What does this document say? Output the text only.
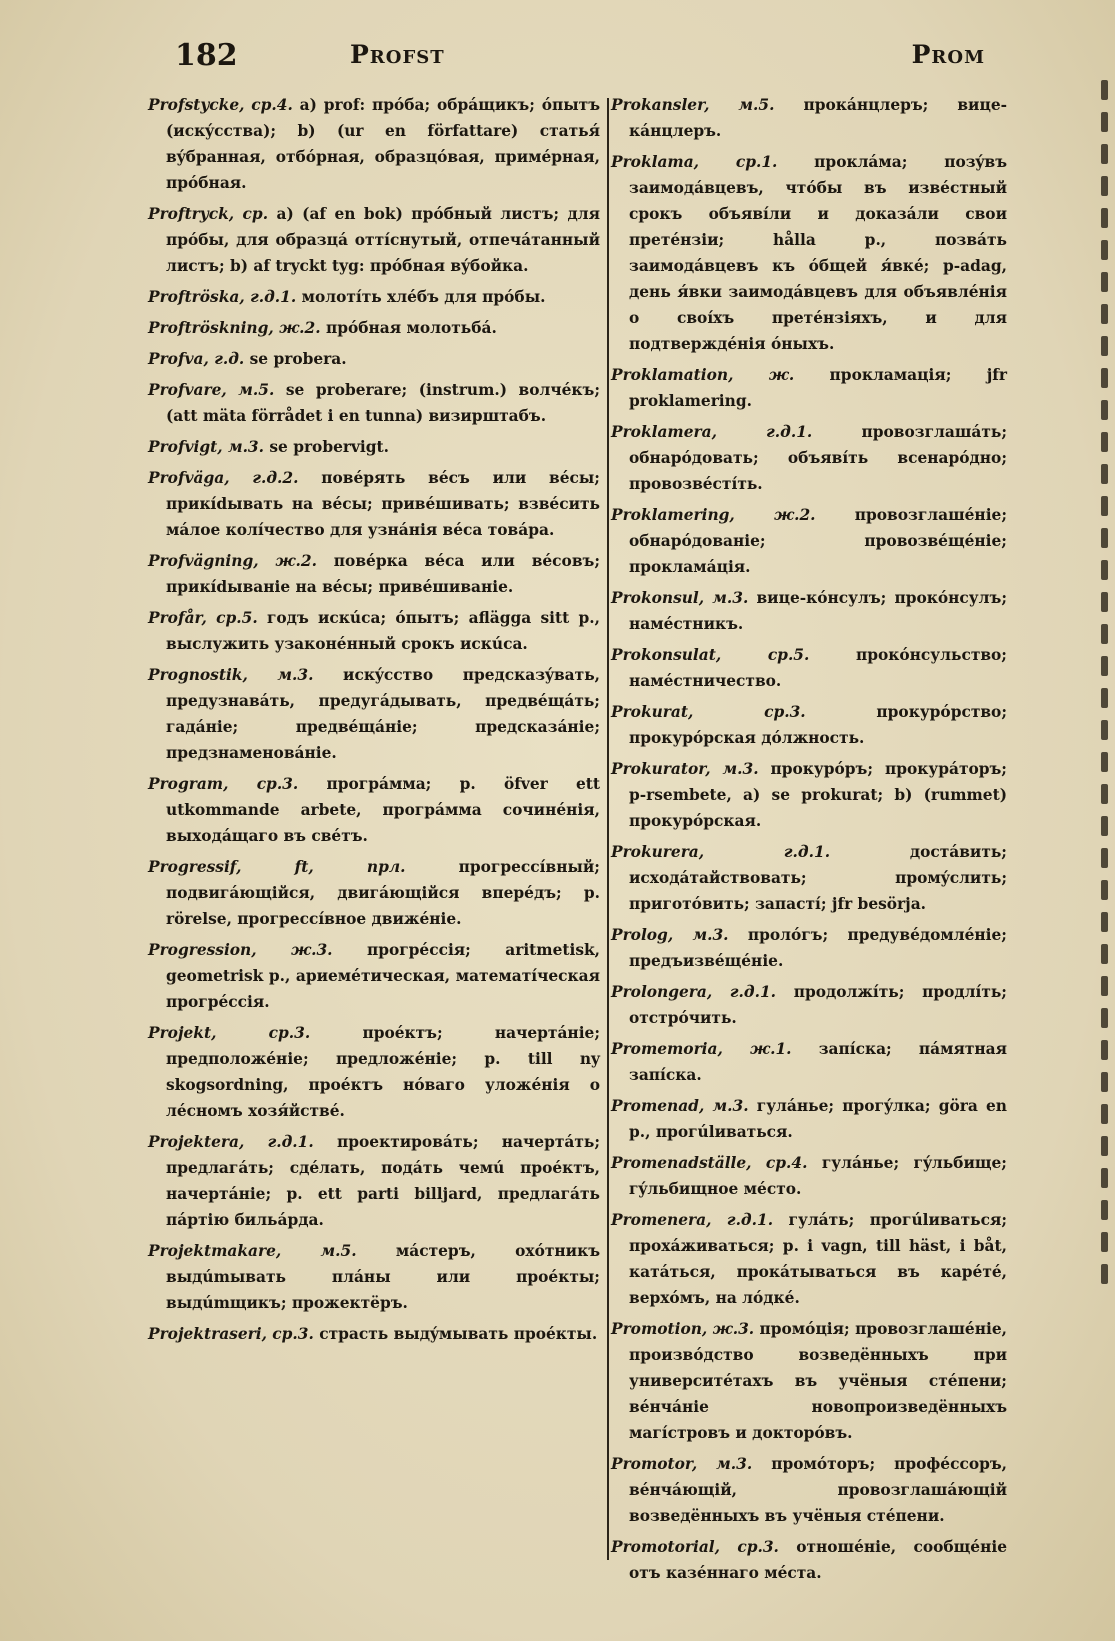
182	Profst	Prom

Profstycke, ср.4. a) prof: прóба; обрáщикъ; óпытъ (искýсства); b) (ur en författare) статья́ вýбранная, отбóрная, образцóвая, примéрная, прóбная.

Proftryck, ср. a) (af en bok) прóбный листъ; для прóбы, для образцá оттíснутый, отпечáтанный листъ; b) af tryckt tyg: прóбная вýбойка.

Proftröska, г.д.1. молотíть хлéбъ для прóбы.

Proftröskning, ж.2. прóбная молотьбá.

Profva, г.д. se probera.

Profvare, м.5. se proberare; (instrum.) волчéкъ; (att mäta förrådet i en tunna) визирштабъ.

Profvigt, м.3. se probervigt.

Profväga, г.д.2. повéрять вéсъ или вéсы; прикídывать на вéсы; привéшивать; взвéсить мáлое колíчество для узнáнія вéса товáра.

Profvägning, ж.2. повéрка вéса или вéсовъ; прикídываніе на вéсы; привéшиваніе.

Profår, ср.5. годъ искúса; óпытъ; aflägga sitt p., выслужить узаконéнный срокъ искúса.

Prognostik, м.3. искýсство предсказýвать, предузнавáть, предугáдывать, предвéщáть; гадáніе; предвéщáніе; предсказáніе; предзнаменовáніе.

Program, ср.3. прогрáмма; p. öfver ett utkommande arbete, прогрáмма сочинéнія, выходáщаго въ свéтъ.

Progressif, ft, прл.	прогрессíвный; подвигáющійся, двигáющійся вперéдъ; p. rörelse, прогрессíвное движéніе.

Progression, ж.3. прогрéссія; aritmetisk, geometrisk p., ариемéтическая, математíческая прогрéссія.

Projekt, ср.3.	проéктъ; начертáніе; предположéніе; предложéніе; p. till ny skogsordning, проéктъ нóваго уложéнія о лéсномъ хозя́йствé.

Projektera, г.д.1. проектировáть; начертáть; предлагáть; сдéлать, подáть чемú проéктъ, начертáніе; p. ett parti billjard, предлагáть пáртію бильáрда.

Projektmakare, м.5.	мáстеръ, охóтникъ выдúmывать плáны или проéкты; выдúmщикъ; прожектëръ.

Projektraseri, ср.3. страсть выдýмывать проéкты.

Prokansler, м.5. прокáнцлеръ; вице-кáнцлеръ.

Proklama, ср.1. проклáма; позýвъ заимодáвцевъ, чтóбы въ извéстный срокъ объявíли и доказáли свои претéнзіи; hålla p., позвáть заимодáвцевъ къ óбщей я́вкé; p-adag, день я́вки заимодáвцевъ для объявлéнія о своíхъ претéнзіяхъ, и для подтверждéнія óныхъ.

Proklamation, ж. прокламація; jfr proklamering.

Proklamera, г.д.1.	провозглашáть; обнарóдовать; объявíть всенарóдно; провозвéстíть.

Proklamering, ж.2.	провозглашéніе; обнарóдованіе; провозвéщéніе; прокламáція.

Prokonsul, м.3. вице-кóнсулъ; прокóнсулъ; намéстникъ.

Prokonsulat, ср.5.	прокóнсульство; намéстничество.

Prokurat, ср.3.	прокурóрство; прокурóрская дóлжность.

Prokurator, м.3. прокурóръ; прокурáторъ; p-rsembete, a) se prokurat; b) (rummet) прокурóрская.

Prokurera, г.д.1.	достáвить; исходáтайствовать; промýслить; приготóвить; запастí; jfr besörja.

Prolog, м.3. пролóгъ; предувéдомлéніе; предъизвéщéніе.

Prolongera, г.д.1. продолжíть; продлíть; отстрóчить.

Promemoria, ж.1. запíска; пáмятная запíска.

Promenad, м.3. гулáнье; прогýлка; göra en p., прогúlиваться.

Promenadställe, ср.4. гулáнье; гýльбище; гýльбищное мéсто.

Promenera, г.д.1. гулáть; прогúlиваться; прохáживаться; p. i vagn, till häst, i båt, катáться, прокáтываться въ карéтé, верхóмъ, на лóдкé.

Promotion, ж.3. промóція; провозглашéніе, произвóдство возведëнныхъ при университéтахъ въ учëныя стéпени; вéнчáніе новопроизведëнныхъ магíстровъ и докторóвъ.

Promotor, м.3. промóторъ; профéссоръ, вéнчáющій, провозглашáющій возведëнныхъ въ учëныя стéпени.

Promotorial, ср.3. отношéніе, сообщéніе отъ казéннаго мéста.
